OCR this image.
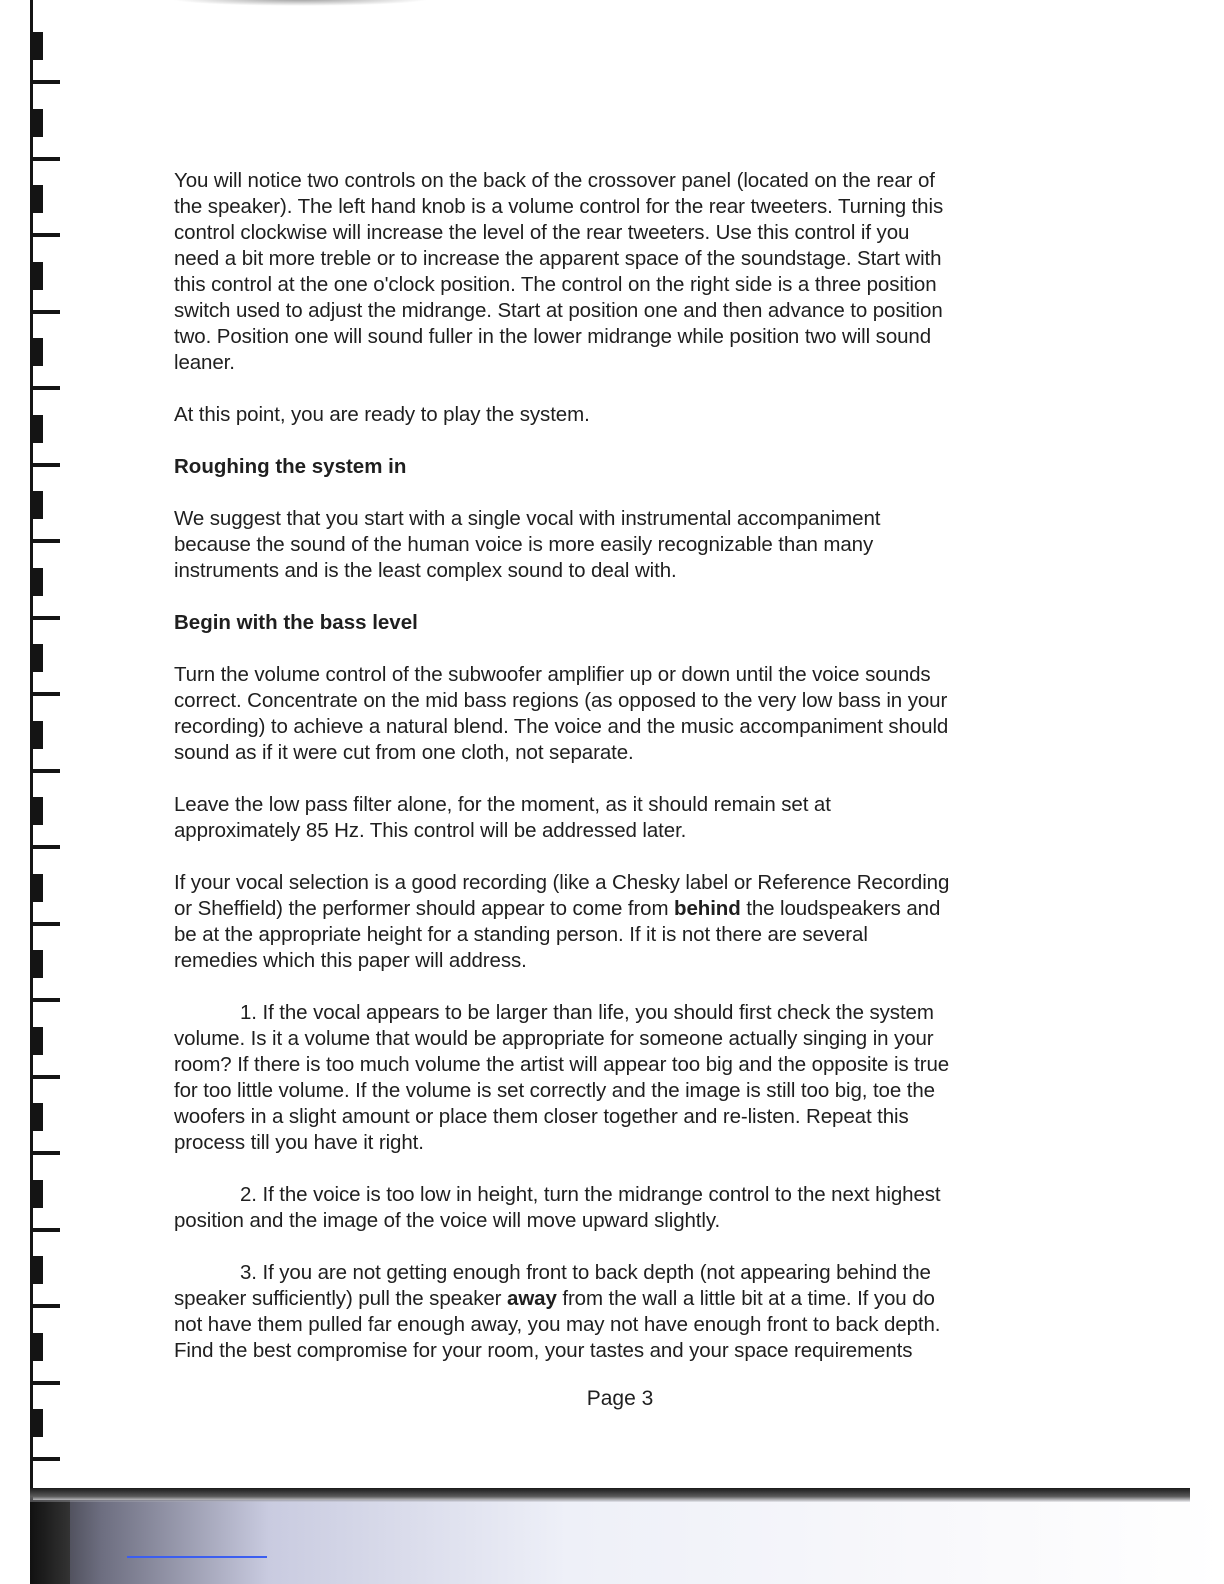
You will notice two controls on the back of the crossover panel (located on the rear of
the speaker). The left hand knob is a volume control for the rear tweeters. Turning this
control clockwise will increase the level of the rear tweeters. Use this control if you
need a bit more treble or to increase the apparent space of the soundstage. Start with
this control at the one o'clock position. The control on the right side is a three position
switch used to adjust the midrange. Start at position one and then advance to position
two. Position one will sound fuller in the lower midrange while position two will sound
leaner.

At this point, you are ready to play the system.

Roughing the system in

We suggest that you start with a single vocal with instrumental accompaniment
because the sound of the human voice is more easily recognizable than many
instruments and is the least complex sound to deal with.

Begin with the bass level

Turn the volume control of the subwoofer amplifier up or down until the voice sounds
correct. Concentrate on the mid bass regions (as opposed to the very low bass in your
recording) to achieve a natural blend. The voice and the music accompaniment should
sound as if it were cut from one cloth, not separate.

Leave the low pass filter alone, for the moment, as it should remain set at
approximately 85 Hz. This control will be addressed later.

If your vocal selection is a good recording (like a Chesky label or Reference Recording
or Sheffield) the performer should appear to come from behind the loudspeakers and
be at the appropriate height for a standing person. If it is not there are several
remedies which this paper will address.

1. If the vocal appears to be larger than life, you should first check the system
volume. Is it a volume that would be appropriate for someone actually singing in your
room? If there is too much volume the artist will appear too big and the opposite is true
for too little volume. If the volume is set correctly and the image is still too big, toe the
woofers in a slight amount or place them closer together and re-listen. Repeat this
process till you have it right.

2. If the voice is too low in height, turn the midrange control to the next highest
position and the image of the voice will move upward slightly.

3. If you are not getting enough front to back depth (not appearing behind the
speaker sufficiently) pull the speaker away from the wall a little bit at a time. If you do
not have them pulled far enough away, you may not have enough front to back depth.
Find the best compromise for your room, your tastes and your space requirements

Page 3
